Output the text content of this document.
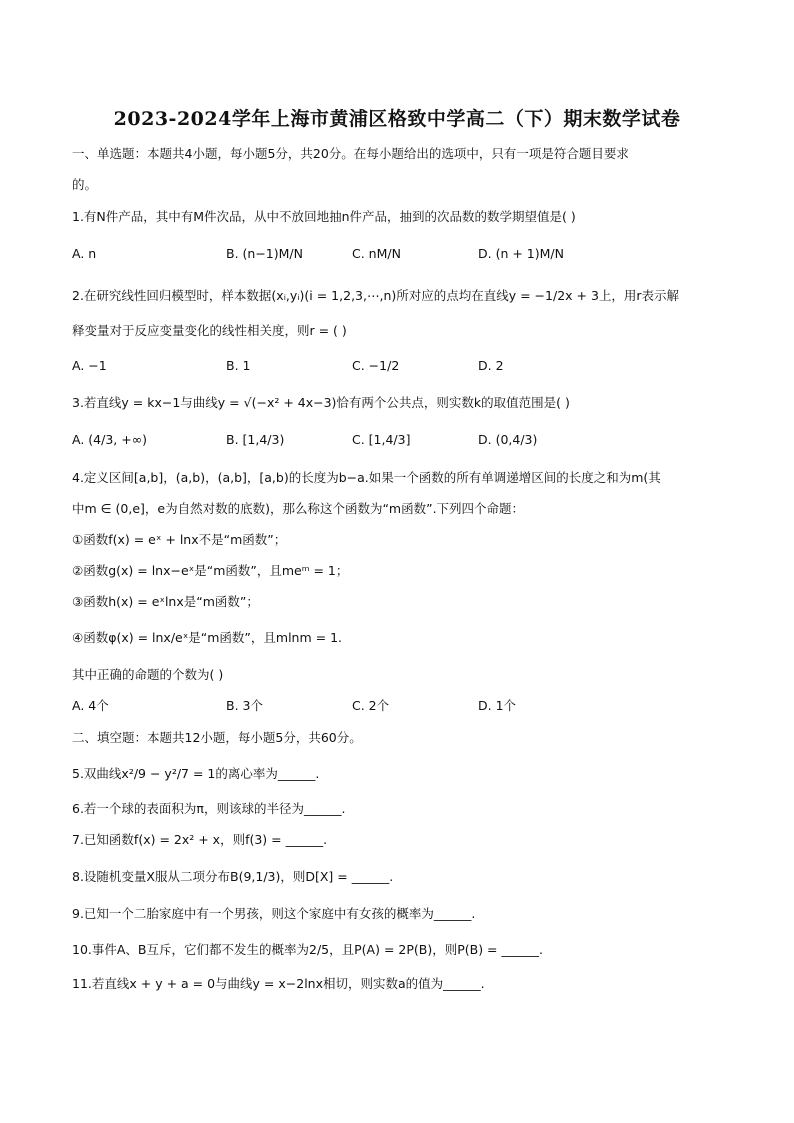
2023-2024学年上海市黄浦区格致中学高二（下）期末数学试卷
一、单选题：本题共4小题，每小题5分，共20分。在每小题给出的选项中，只有一项是符合题目要求
的。
1.有N件产品，其中有M件次品，从中不放回地抽n件产品，抽到的次品数的数学期望值是( )
A. n	B. (n−1)M/N	C. nM/N	D. (n + 1)M/N
2.在研究线性回归模型时，样本数据(xᵢ,yᵢ)(i = 1,2,3,⋯,n)所对应的点均在直线y = −1/2x + 3上，用r表示解
释变量对于反应变量变化的线性相关度，则r = ( )
A. −1	B. 1	C. −1/2	D. 2
3.若直线y = kx−1与曲线y = √(−x² + 4x−3)恰有两个公共点，则实数k的取值范围是( )
A. (4/3, +∞)	B. [1,4/3)	C. [1,4/3]	D. (0,4/3)
4.定义区间[a,b]，(a,b)，(a,b]，[a,b)的长度为b−a.如果一个函数的所有单调递增区间的长度之和为m(其
中m ∈ (0,e]，e为自然对数的底数)，那么称这个函数为“m函数”.下列四个命题：
①函数f(x) = eˣ + lnx不是“m函数”；
②函数g(x) = lnx−eˣ是“m函数”，且meᵐ = 1；
③函数h(x) = eˣlnx是“m函数”；
④函数φ(x) = lnx/eˣ是“m函数”，且mlnm = 1.
其中正确的命题的个数为( )
A. 4个	B. 3个	C. 2个	D. 1个
二、填空题：本题共12小题，每小题5分，共60分。
5.双曲线x²/9 − y²/7 = 1的离心率为______.
6.若一个球的表面积为π，则该球的半径为______.
7.已知函数f(x) = 2x² + x，则f(3) = ______.
8.设随机变量X服从二项分布B(9,1/3)，则D[X] = ______.
9.已知一个二胎家庭中有一个男孩，则这个家庭中有女孩的概率为______.
10.事件A、B互斥，它们都不发生的概率为2/5，且P(A) = 2P(B)，则P(B) = ______.
11.若直线x + y + a = 0与曲线y = x−2lnx相切，则实数a的值为______.
